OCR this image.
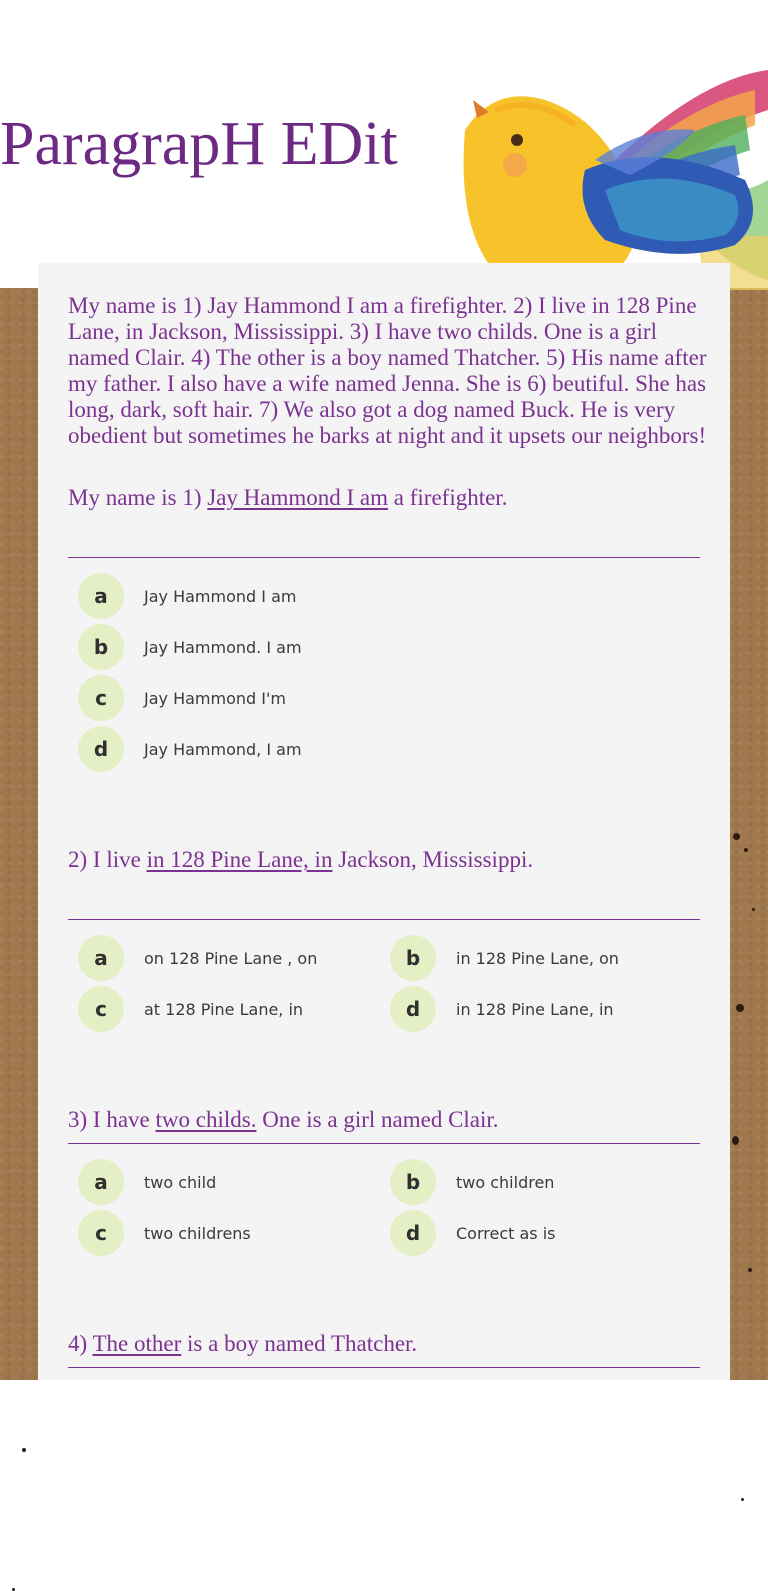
ParagrapH EDit

My name is 1) Jay Hammond I am a firefighter. 2) I live in 128 Pine Lane, in Jackson, Mississippi. 3) I have two childs. One is a girl named Clair. 4) The other is a boy named Thatcher. 5) His name after my father. I also have a wife named Jenna. She is 6) beutiful. She has long, dark, soft hair. 7) We also got a dog named Buck. He is very obedient but sometimes he barks at night and it upsets our neighbors!

My name is 1) Jay Hammond I am a firefighter.

a	Jay Hammond I am
b	Jay Hammond. I am
c	Jay Hammond I'm
d	Jay Hammond, I am

2) I live in 128 Pine Lane, in Jackson, Mississippi.

a	on 128 Pine Lane , on	b	in 128 Pine Lane, on
c	at 128 Pine Lane, in	d	in 128 Pine Lane, in

3) I have two childs. One is a girl named Clair.

a	two child	b	two children
c	two childrens	d	Correct as is

4) The other is a boy named Thatcher.
